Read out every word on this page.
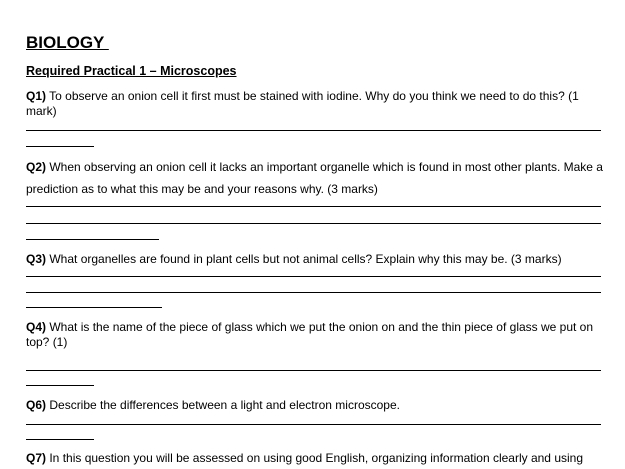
BIOLOGY
Required Practical 1 – Microscopes
Q1) To observe an onion cell it first must be stained with iodine. Why do you think we need to do this? (1 mark)
Q2) When observing an onion cell it lacks an important organelle which is found in most other plants. Make a prediction as to what this may be and your reasons why. (3 marks)
Q3) What organelles are found in plant cells but not animal cells? Explain why this may be. (3 marks)
Q4) What is the name of the piece of glass which we put the onion on and the thin piece of glass we put on top? (1)
Q6) Describe the differences between a light and electron microscope.
Q7) In this question you will be assessed on using good English, organizing information clearly and using
